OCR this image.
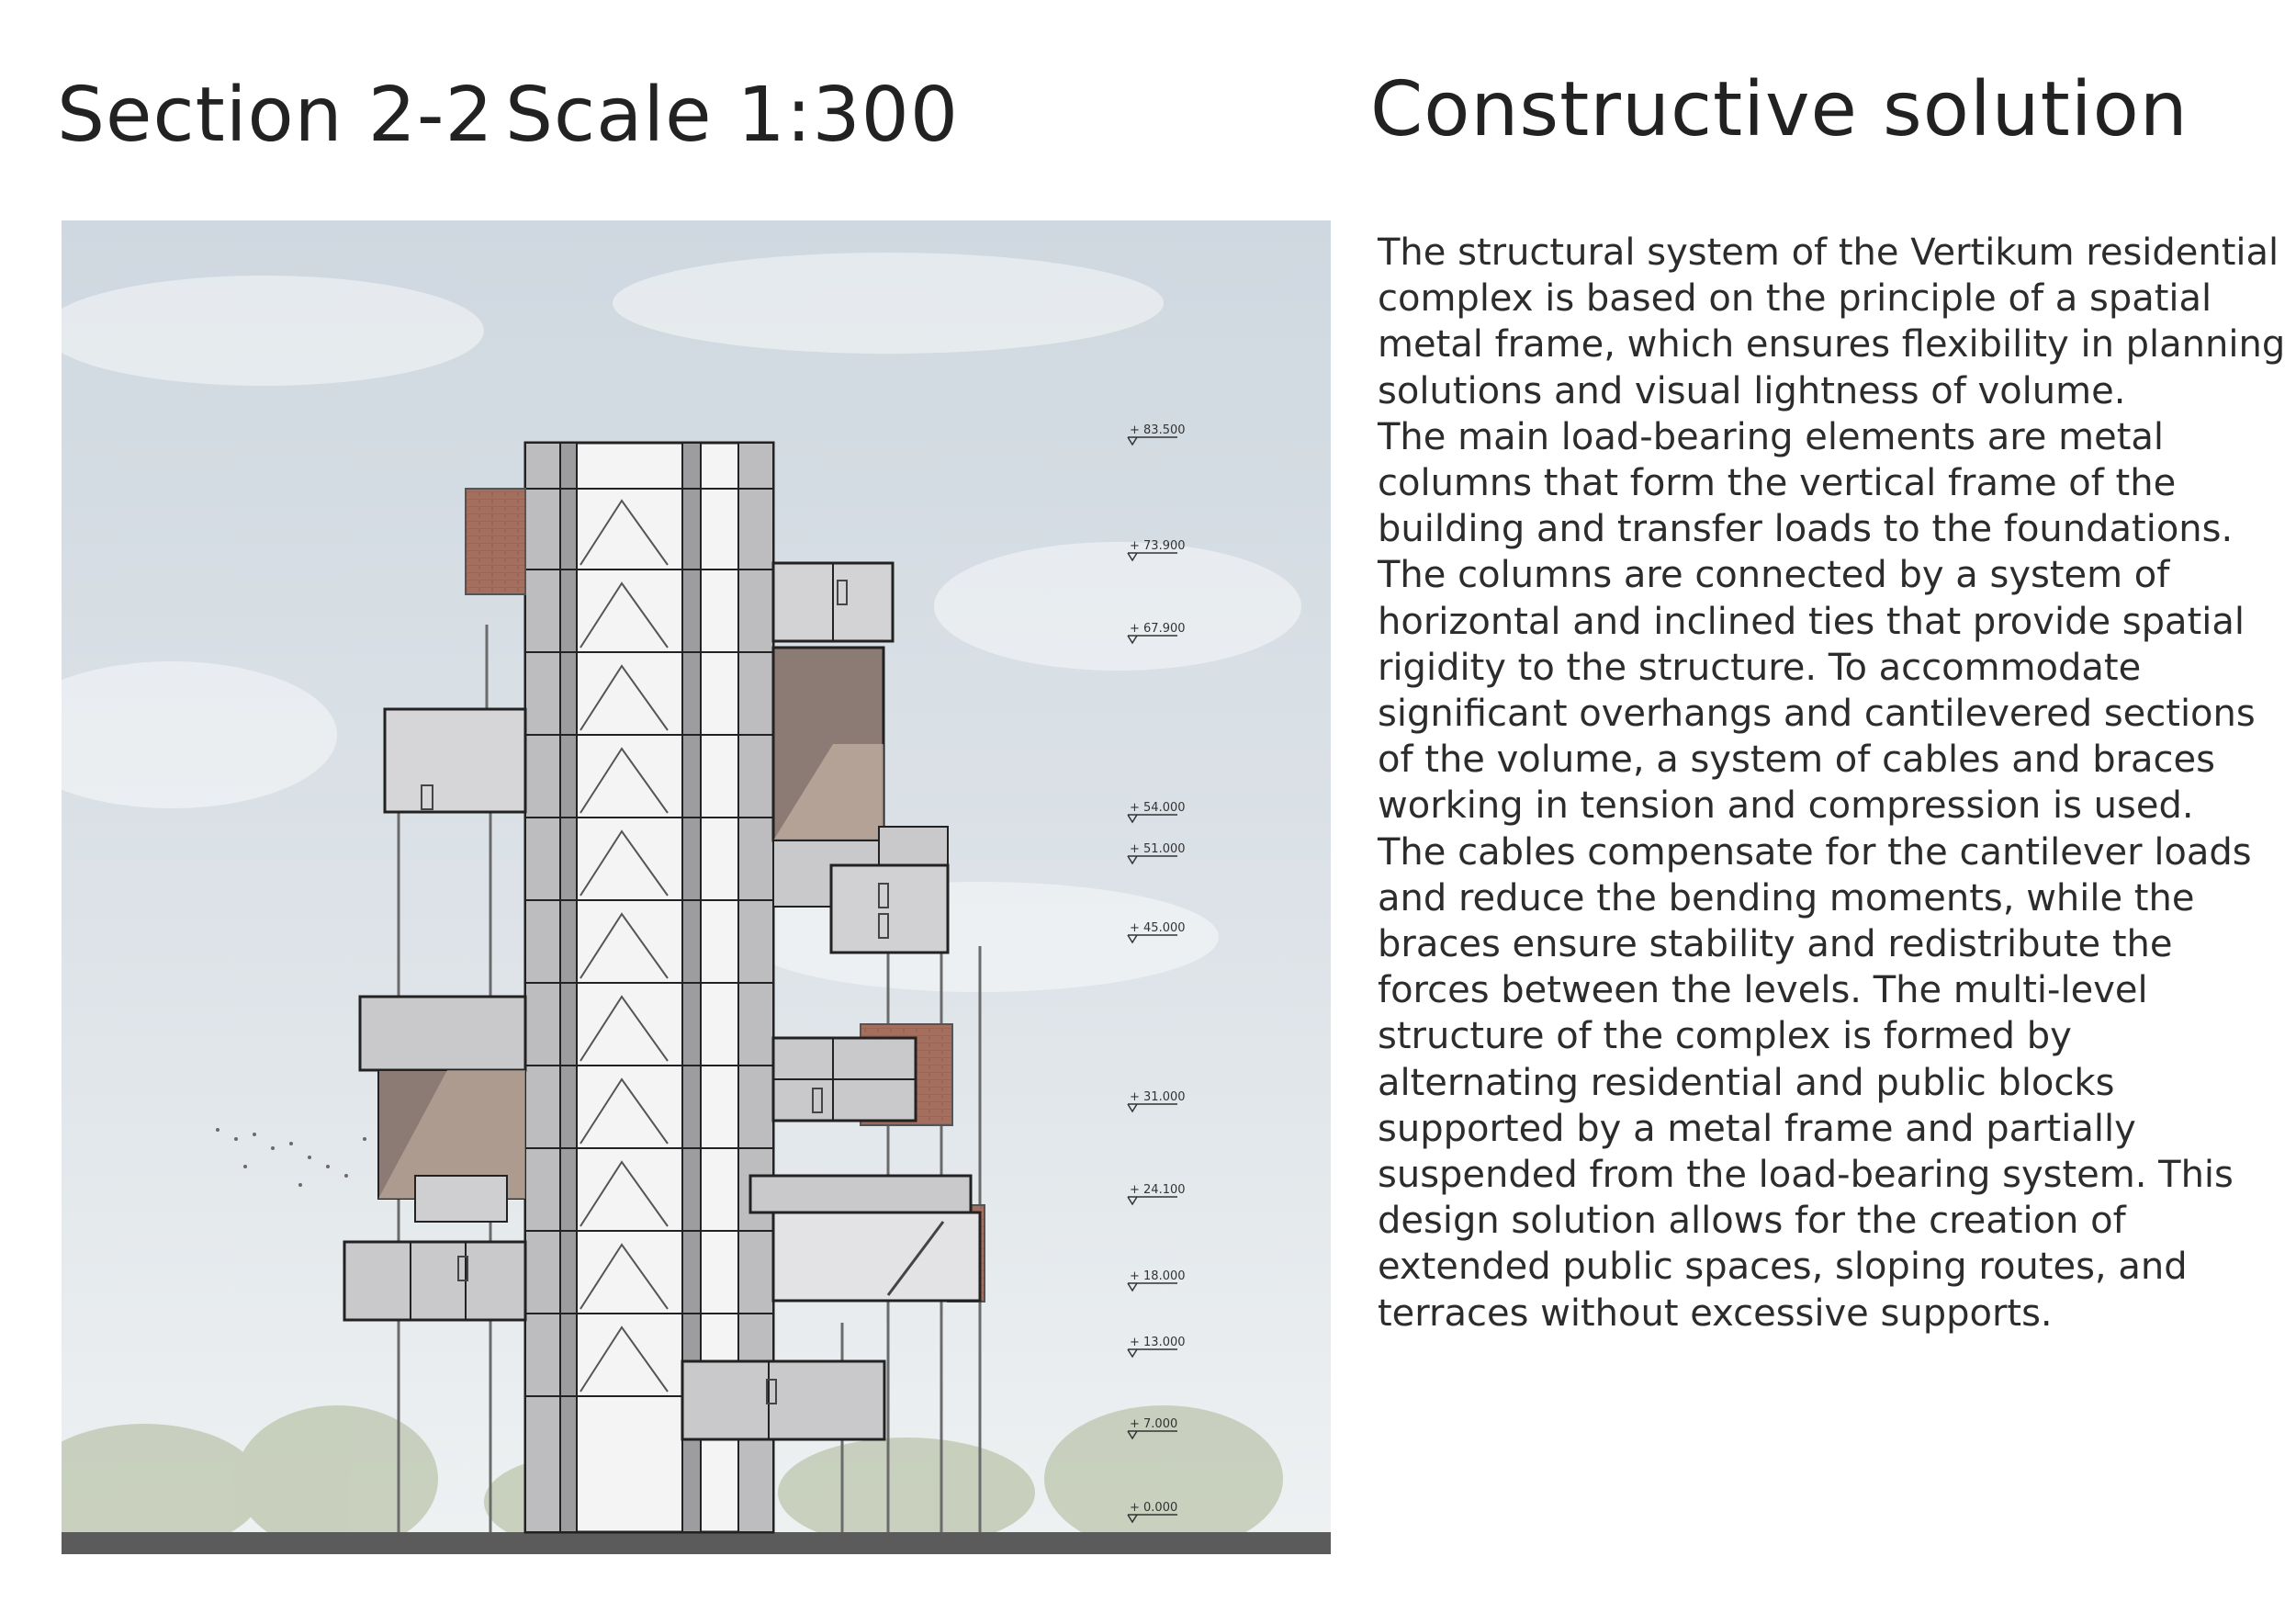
Section 2-2 Scale 1:300	Constructive solution
+ 83.500
+ 73.900
+ 67.900
+ 54.000
+ 51.000
+ 45.000
+ 31.000
+ 24.100
+ 18.000
+ 13.000
+ 7.000
+ 0.000

The structural system of the Vertikum residential

complex is based on the principle of a spatial

metal frame, which ensures flexibility in planning

solutions and visual lightness of volume.

The main load-bearing elements are metal

columns that form the vertical frame of the

building and transfer loads to the foundations.

The columns are connected by a system of

horizontal and inclined ties that provide spatial

rigidity to the structure. To accommodate

significant overhangs and cantilevered sections

of the volume, a system of cables and braces

working in tension and compression is used.

The cables compensate for the cantilever loads

and reduce the bending moments, while the

braces ensure stability and redistribute the

forces between the levels. The multi-level

structure of the complex is formed by

alternating residential and public blocks

supported by a metal frame and partially

suspended from the load-bearing system. This

design solution allows for the creation of

extended public spaces, sloping routes, and

terraces without excessive supports.
